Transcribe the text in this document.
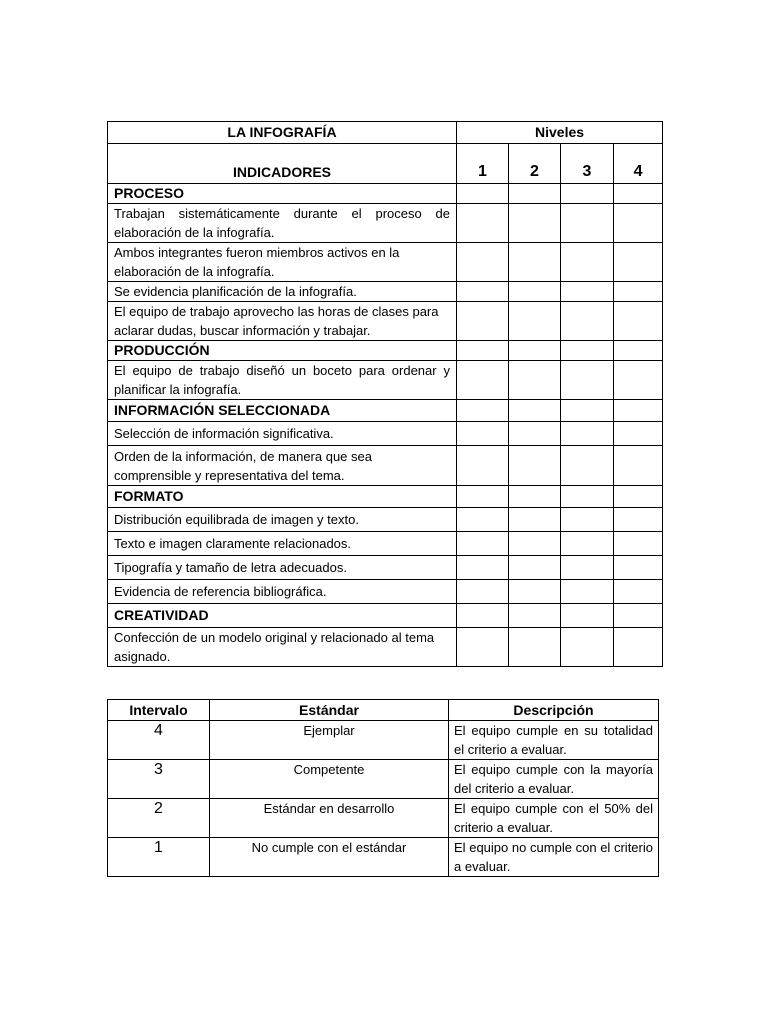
LA INFOGRAFÍA	Niveles			
INDICADORES	1	2	3	4
PROCESO				
Trabajan sistemáticamente durante el proceso de elaboración de la infografía.				
Ambos integrantes fueron miembros activos en la elaboración de la infografía.				
Se evidencia planificación de la infografía.				
El equipo de trabajo aprovecho las horas de clases para aclarar dudas, buscar información y trabajar.				
PRODUCCIÓN				
El equipo de trabajo diseñó un boceto para ordenar y planificar la infografía.				
INFORMACIÓN SELECCIONADA				
Selección de información significativa.				
Orden de la información, de manera que sea comprensible y representativa del tema.				
FORMATO				
Distribución equilibrada de imagen y texto.				
Texto e imagen claramente relacionados.				
Tipografía y tamaño de letra adecuados.				
Evidencia de referencia bibliográfica.				
CREATIVIDAD				
Confección de un modelo original y relacionado al tema asignado.				
Intervalo	Estándar	Descripción
4	Ejemplar	El equipo cumple en su totalidad el criterio a evaluar.
3	Competente	El equipo cumple con la mayoría del criterio a evaluar.
2	Estándar en desarrollo	El equipo cumple con el 50% del criterio a evaluar.
1	No cumple con el estándar	El equipo no cumple con el criterio a evaluar.
